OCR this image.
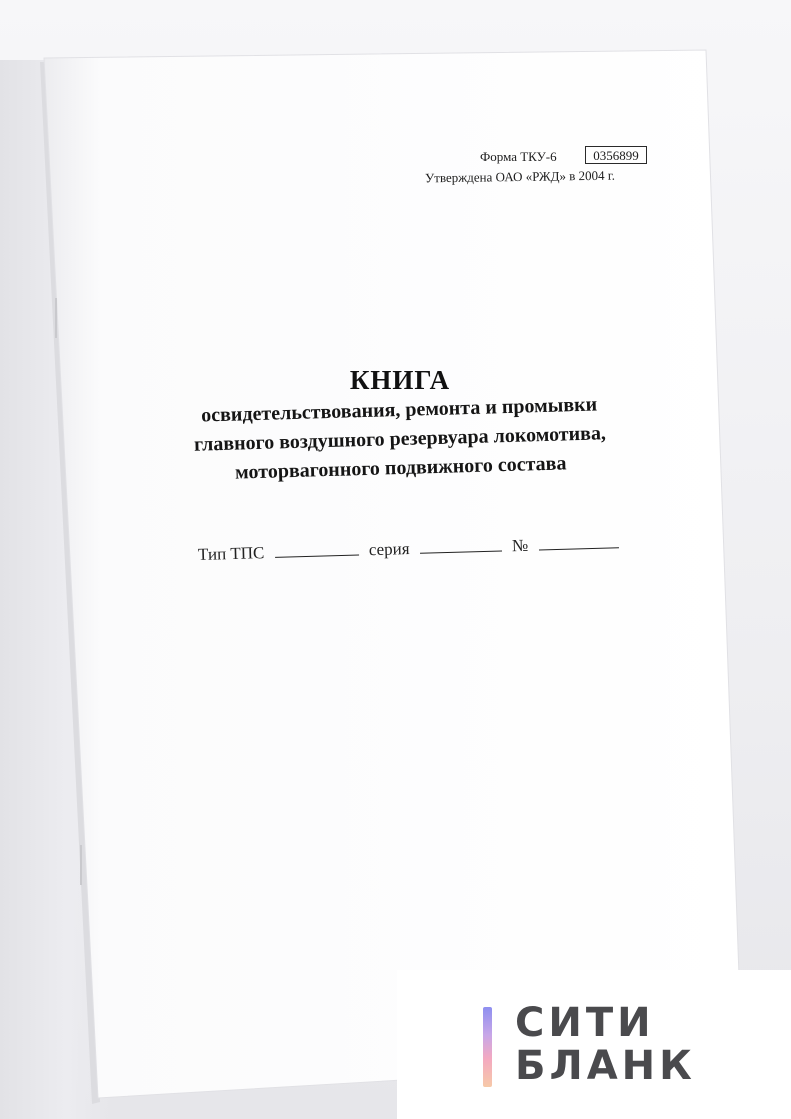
Форма ТКУ-6	0356899
Утверждена ОАО «РЖД» в 2004 г.
КНИГА
освидетельствования, ремонта и промывки
главного воздушного резервуара локомотива,
моторвагонного подвижного состава
Тип ТПС	серия	№
СИТИ
БЛАНК
